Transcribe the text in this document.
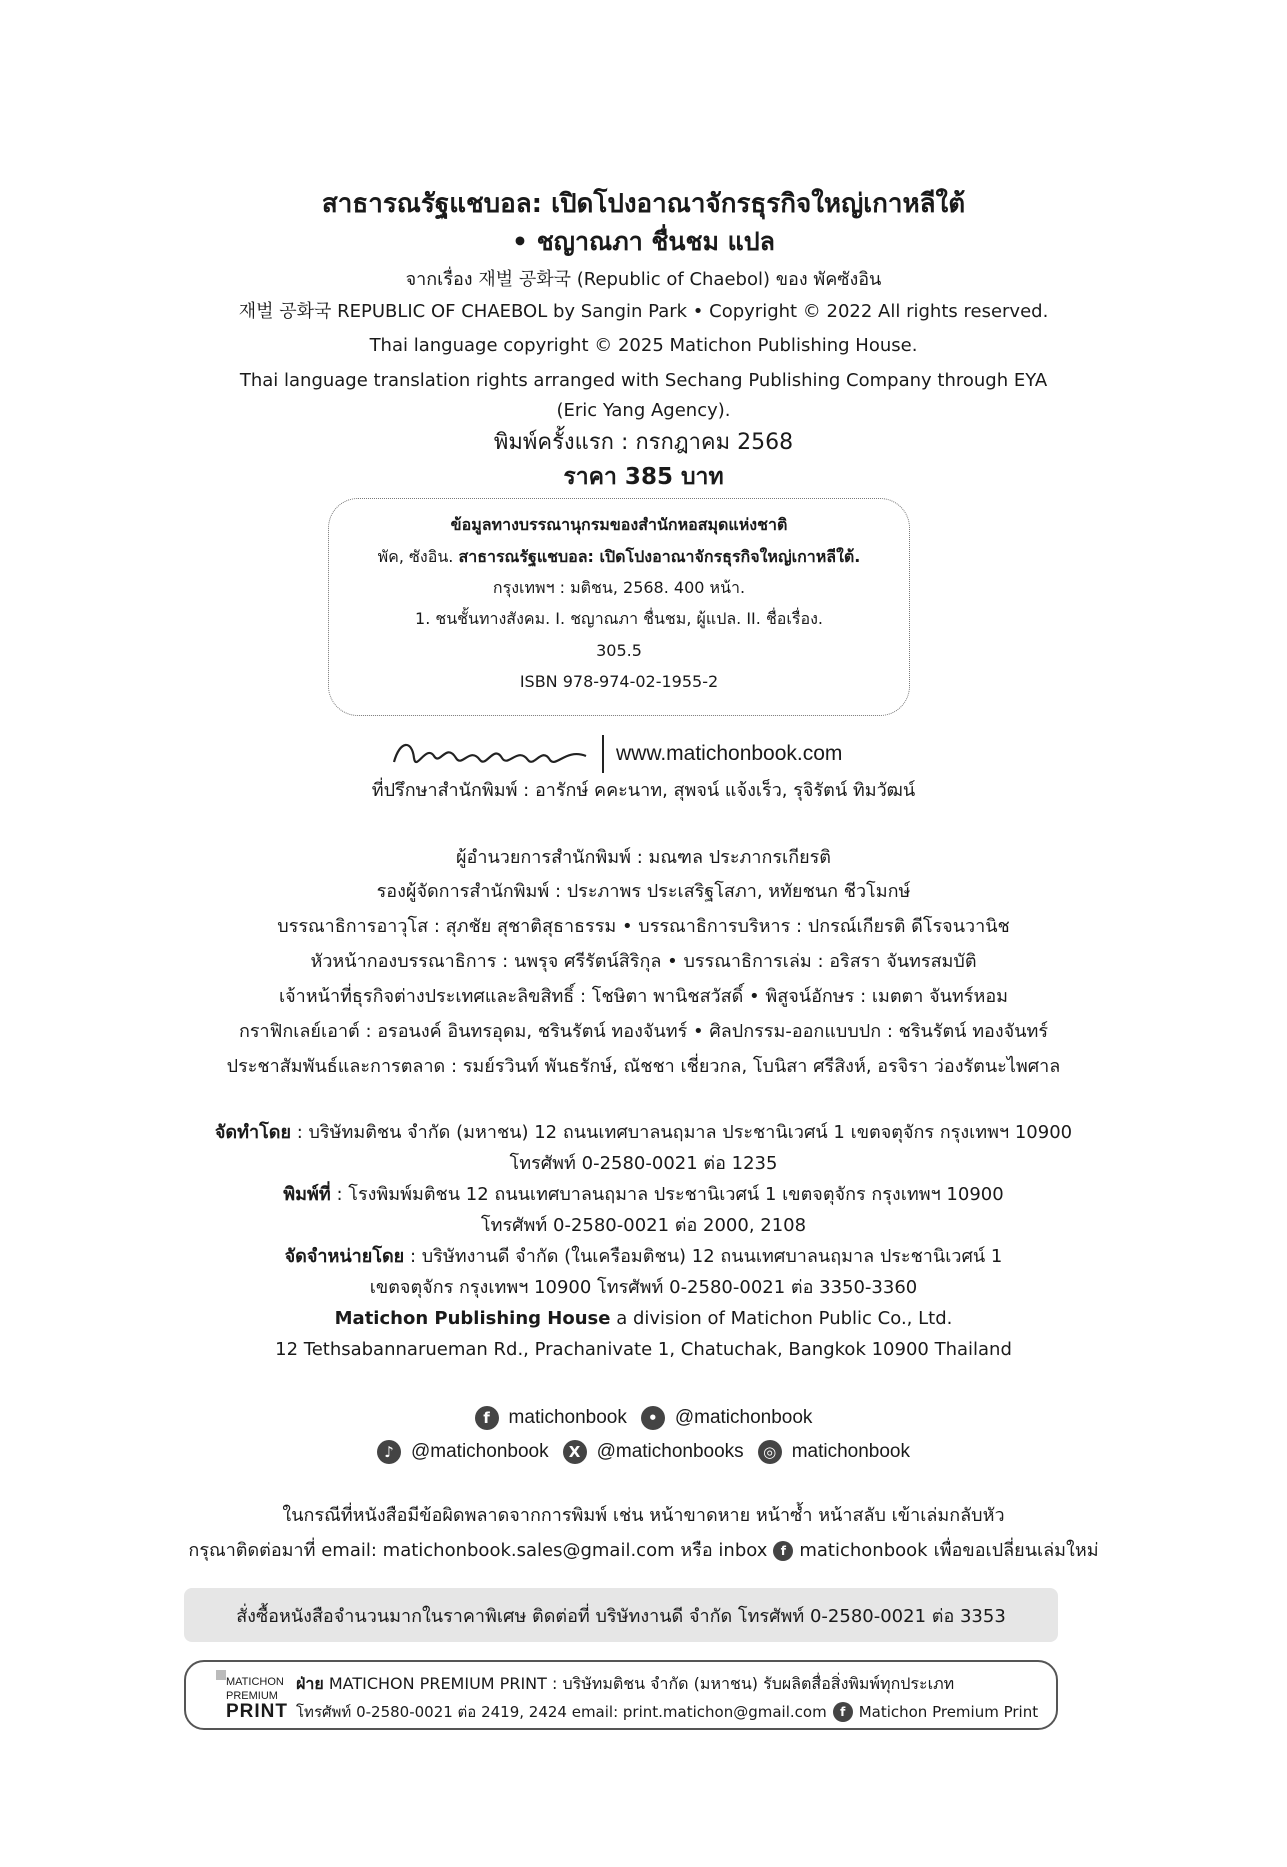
สาธารณรัฐแชบอล: เปิดโปงอาณาจักรธุรกิจใหญ่เกาหลีใต้
• ชญาณภา ชื่นชม แปล
จากเรื่อง 재벌 공화국 (Republic of Chaebol) ของ พัคซังอิน
재벌 공화국 REPUBLIC OF CHAEBOL by Sangin Park • Copyright © 2022 All rights reserved.
Thai language copyright © 2025 Matichon Publishing House.
Thai language translation rights arranged with Sechang Publishing Company through EYA
(Eric Yang Agency).
พิมพ์ครั้งแรก : กรกฎาคม 2568
ราคา 385 บาท
ข้อมูลทางบรรณานุกรมของสำนักหอสมุดแห่งชาติ
พัค, ซังอิน. สาธารณรัฐแชบอล: เปิดโปงอาณาจักรธุรกิจใหญ่เกาหลีใต้.
กรุงเทพฯ : มติชน, 2568. 400 หน้า.
1. ชนชั้นทางสังคม. I. ชญาณภา ชื่นชม, ผู้แปล. II. ชื่อเรื่อง.
305.5
ISBN 978-974-02-1955-2
สำนักพิมพ์มติชน
www.matichonbook.com
ที่ปรึกษาสำนักพิมพ์ : อารักษ์ คคะนาท, สุพจน์ แจ้งเร็ว, รุจิรัตน์ ทิมวัฒน์
ผู้อำนวยการสำนักพิมพ์ : มณฑล ประภากรเกียรติ
รองผู้จัดการสำนักพิมพ์ : ประภาพร ประเสริฐโสภา, หทัยชนก ชีวโมกษ์
บรรณาธิการอาวุโส : สุภชัย สุชาติสุธาธรรม • บรรณาธิการบริหาร : ปกรณ์เกียรติ ดีโรจนวานิช
หัวหน้ากองบรรณาธิการ : นพรุจ ศรีรัตน์สิริกุล • บรรณาธิการเล่ม : อริสรา จันทรสมบัติ
เจ้าหน้าที่ธุรกิจต่างประเทศและลิขสิทธิ์ : โชษิตา พานิชสวัสดิ์ • พิสูจน์อักษร : เมตตา จันทร์หอม
กราฟิกเลย์เอาต์ : อรอนงค์ อินทรอุดม, ชรินรัตน์ ทองจันทร์ • ศิลปกรรม-ออกแบบปก : ชรินรัตน์ ทองจันทร์
ประชาสัมพันธ์และการตลาด : รมย์รวินท์ พันธรักษ์, ณัชชา เชี่ยวกล, โบนิสา ศรีสิงห์, อรจิรา ว่องรัตนะไพศาล
จัดทำโดย : บริษัทมติชน จำกัด (มหาชน) 12 ถนนเทศบาลนฤมาล ประชานิเวศน์ 1 เขตจตุจักร กรุงเทพฯ 10900
โทรศัพท์ 0-2580-0021 ต่อ 1235
พิมพ์ที่ : โรงพิมพ์มติชน 12 ถนนเทศบาลนฤมาล ประชานิเวศน์ 1 เขตจตุจักร กรุงเทพฯ 10900
โทรศัพท์ 0-2580-0021 ต่อ 2000, 2108
จัดจำหน่ายโดย : บริษัทงานดี จำกัด (ในเครือมติชน) 12 ถนนเทศบาลนฤมาล ประชานิเวศน์ 1
เขตจตุจักร กรุงเทพฯ 10900 โทรศัพท์ 0-2580-0021 ต่อ 3350-3360
Matichon Publishing House a division of Matichon Public Co., Ltd.
12 Tethsabannarueman Rd., Prachanivate 1, Chatuchak, Bangkok 10900 Thailand
f matichonbook	• @matichonbook
♪ @matichonbook	X @matichonbooks	◎ matichonbook
ในกรณีที่หนังสือมีข้อผิดพลาดจากการพิมพ์ เช่น หน้าขาดหาย หน้าซ้ำ หน้าสลับ เข้าเล่มกลับหัว
กรุณาติดต่อมาที่ email: matichonbook.sales@gmail.com หรือ inbox	f matichonbook เพื่อขอเปลี่ยนเล่มใหม่
สั่งซื้อหนังสือจำนวนมากในราคาพิเศษ ติดต่อที่ บริษัทงานดี จำกัด โทรศัพท์ 0-2580-0021 ต่อ 3353
MATICHON
PREMIUM
PRINT
ฝ่าย MATICHON PREMIUM PRINT : บริษัทมติชน จำกัด (มหาชน) รับผลิตสื่อสิ่งพิมพ์ทุกประเภท
โทรศัพท์ 0-2580-0021 ต่อ 2419, 2424 email: print.matichon@gmail.com	f Matichon Premium Print
